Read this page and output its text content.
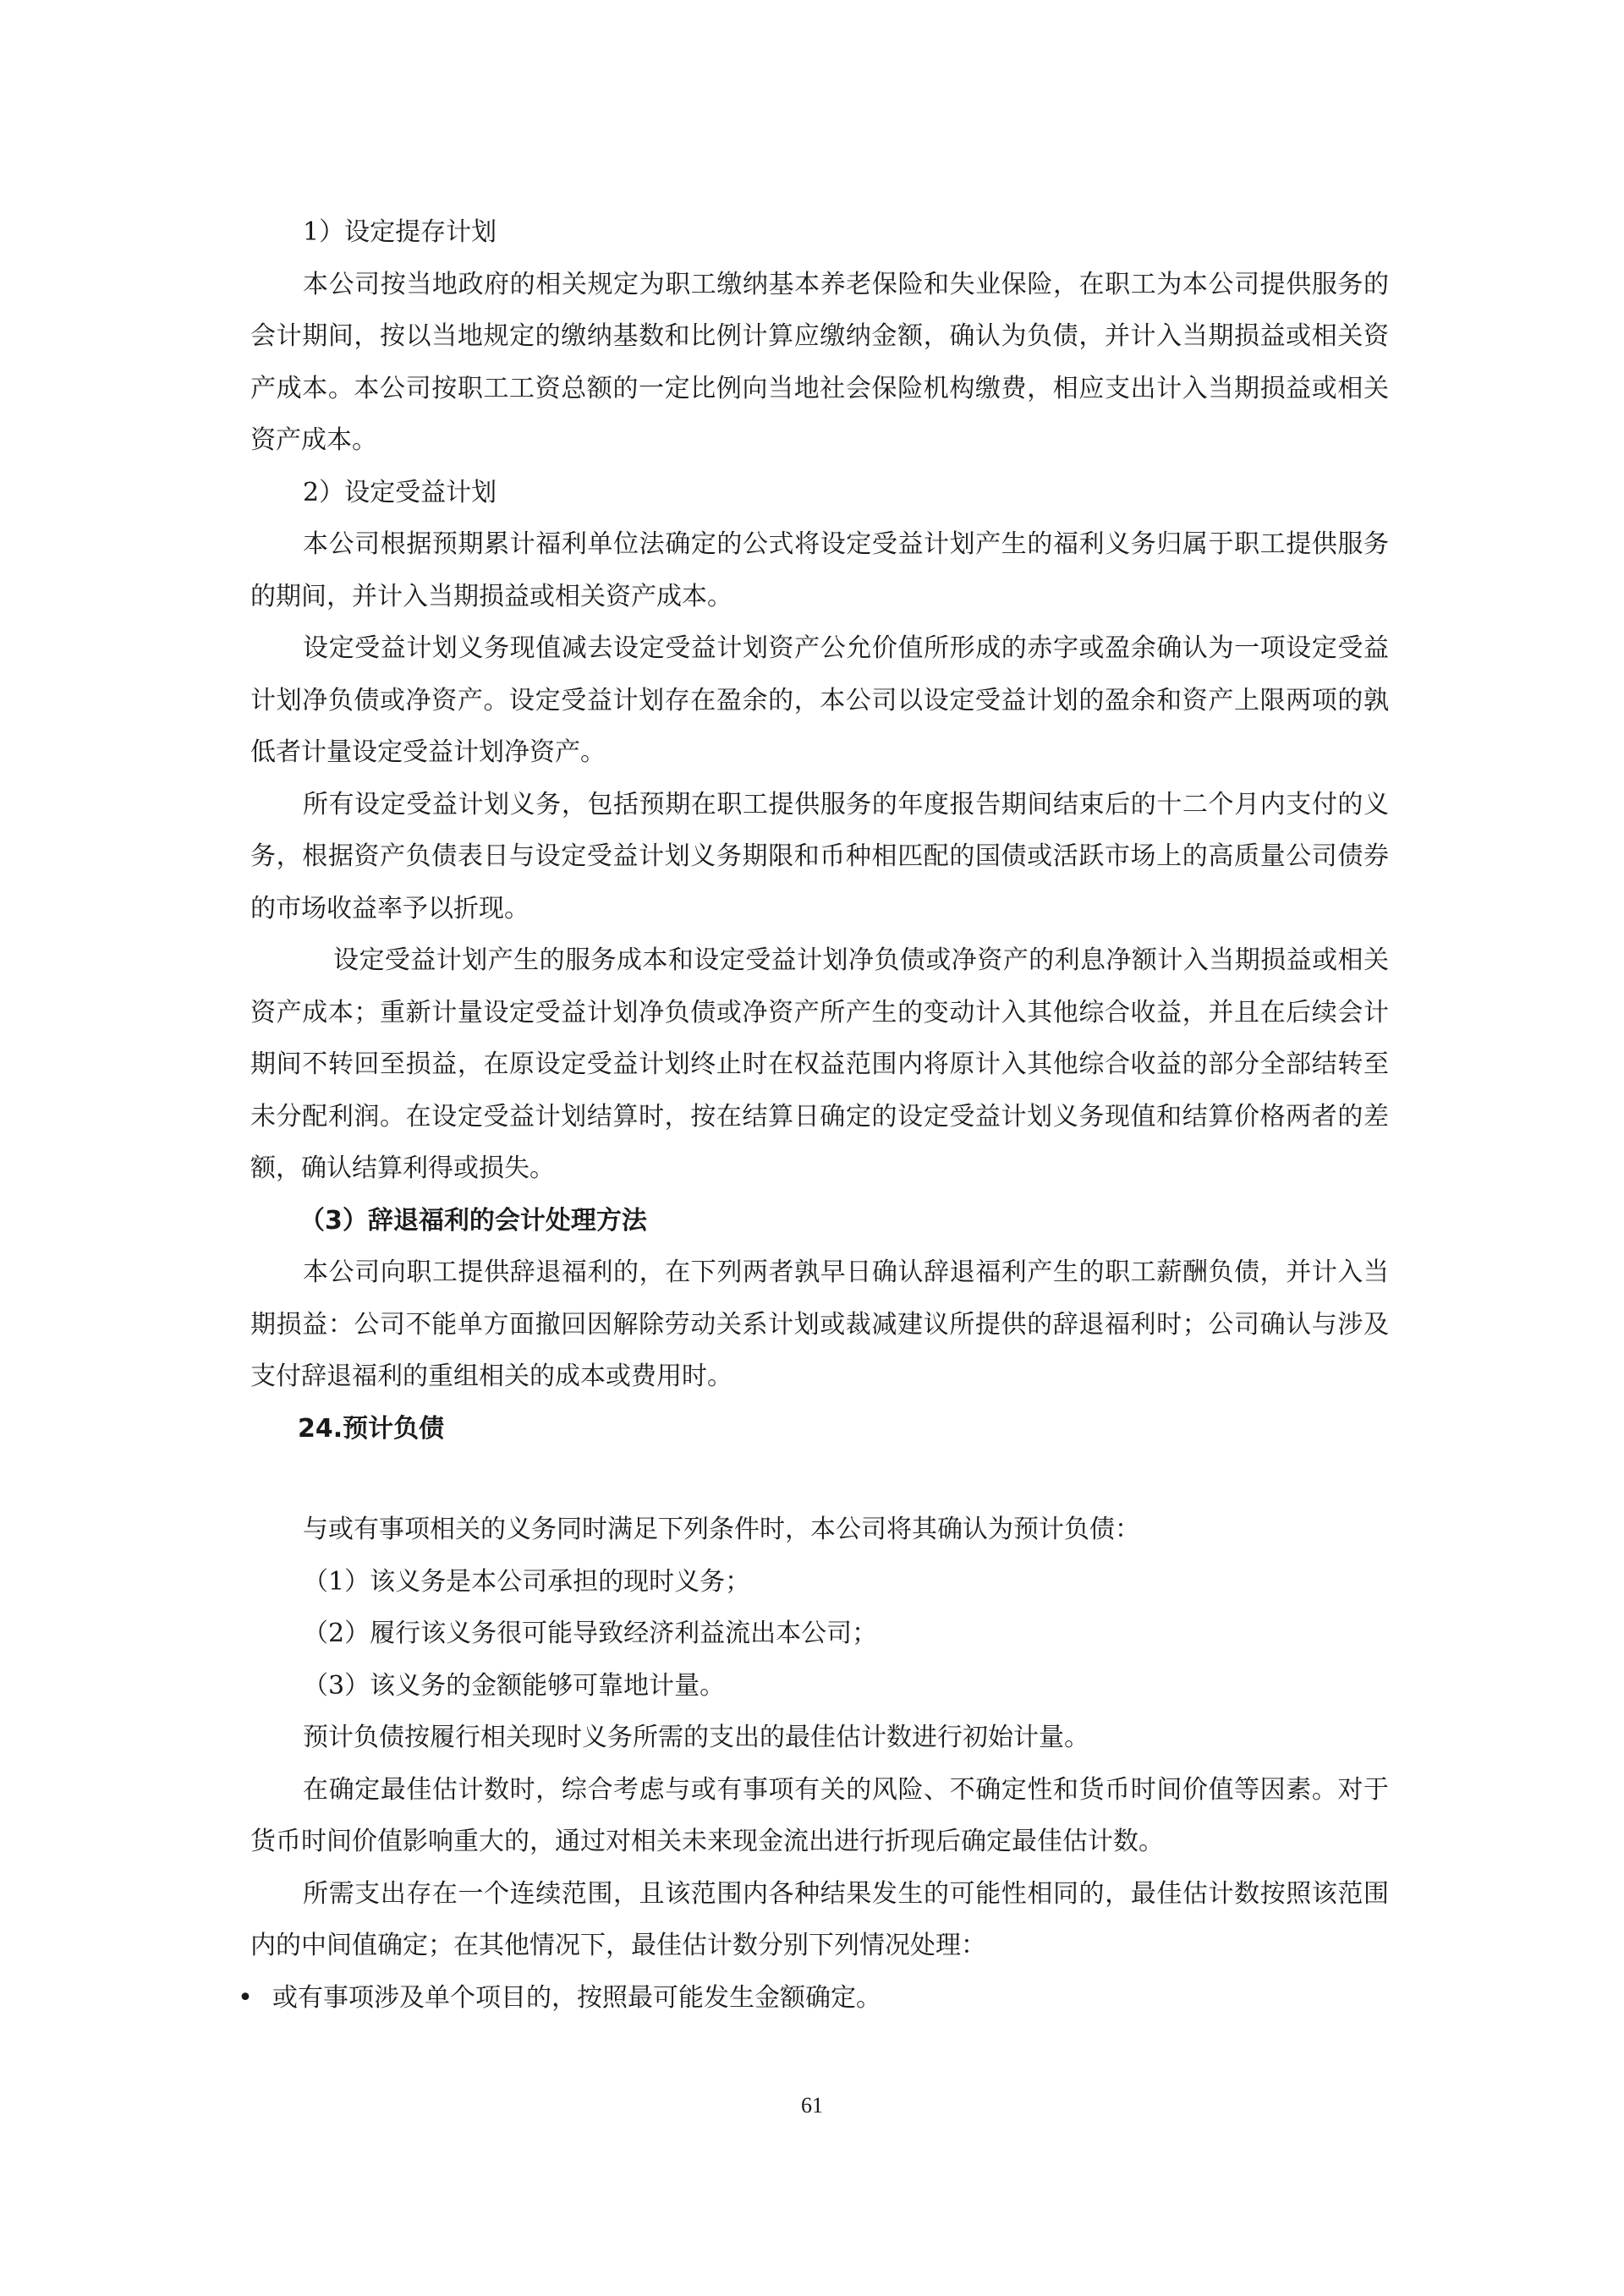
1）设定提存计划

本公司按当地政府的相关规定为职工缴纳基本养老保险和失业保险，在职工为本公司提供服务的会计期间，按以当地规定的缴纳基数和比例计算应缴纳金额，确认为负债，并计入当期损益或相关资产成本。本公司按职工工资总额的一定比例向当地社会保险机构缴费，相应支出计入当期损益或相关资产成本。

2）设定受益计划

本公司根据预期累计福利单位法确定的公式将设定受益计划产生的福利义务归属于职工提供服务的期间，并计入当期损益或相关资产成本。

设定受益计划义务现值减去设定受益计划资产公允价值所形成的赤字或盈余确认为一项设定受益计划净负债或净资产。设定受益计划存在盈余的，本公司以设定受益计划的盈余和资产上限两项的孰低者计量设定受益计划净资产。

所有设定受益计划义务，包括预期在职工提供服务的年度报告期间结束后的十二个月内支付的义务，根据资产负债表日与设定受益计划义务期限和币种相匹配的国债或活跃市场上的高质量公司债券的市场收益率予以折现。

设定受益计划产生的服务成本和设定受益计划净负债或净资产的利息净额计入当期损益或相关资产成本；重新计量设定受益计划净负债或净资产所产生的变动计入其他综合收益，并且在后续会计期间不转回至损益，在原设定受益计划终止时在权益范围内将原计入其他综合收益的部分全部结转至未分配利润。在设定受益计划结算时，按在结算日确定的设定受益计划义务现值和结算价格两者的差额，确认结算利得或损失。

（3）辞退福利的会计处理方法

本公司向职工提供辞退福利的，在下列两者孰早日确认辞退福利产生的职工薪酬负债，并计入当期损益：公司不能单方面撤回因解除劳动关系计划或裁减建议所提供的辞退福利时；公司确认与涉及支付辞退福利的重组相关的成本或费用时。

24.预计负债

与或有事项相关的义务同时满足下列条件时，本公司将其确认为预计负债：

（1）该义务是本公司承担的现时义务；

（2）履行该义务很可能导致经济利益流出本公司；

（3）该义务的金额能够可靠地计量。

预计负债按履行相关现时义务所需的支出的最佳估计数进行初始计量。

在确定最佳估计数时，综合考虑与或有事项有关的风险、不确定性和货币时间价值等因素。对于货币时间价值影响重大的，通过对相关未来现金流出进行折现后确定最佳估计数。

所需支出存在一个连续范围，且该范围内各种结果发生的可能性相同的，最佳估计数按照该范围内的中间值确定；在其他情况下，最佳估计数分别下列情况处理：

• 或有事项涉及单个项目的，按照最可能发生金额确定。
61
